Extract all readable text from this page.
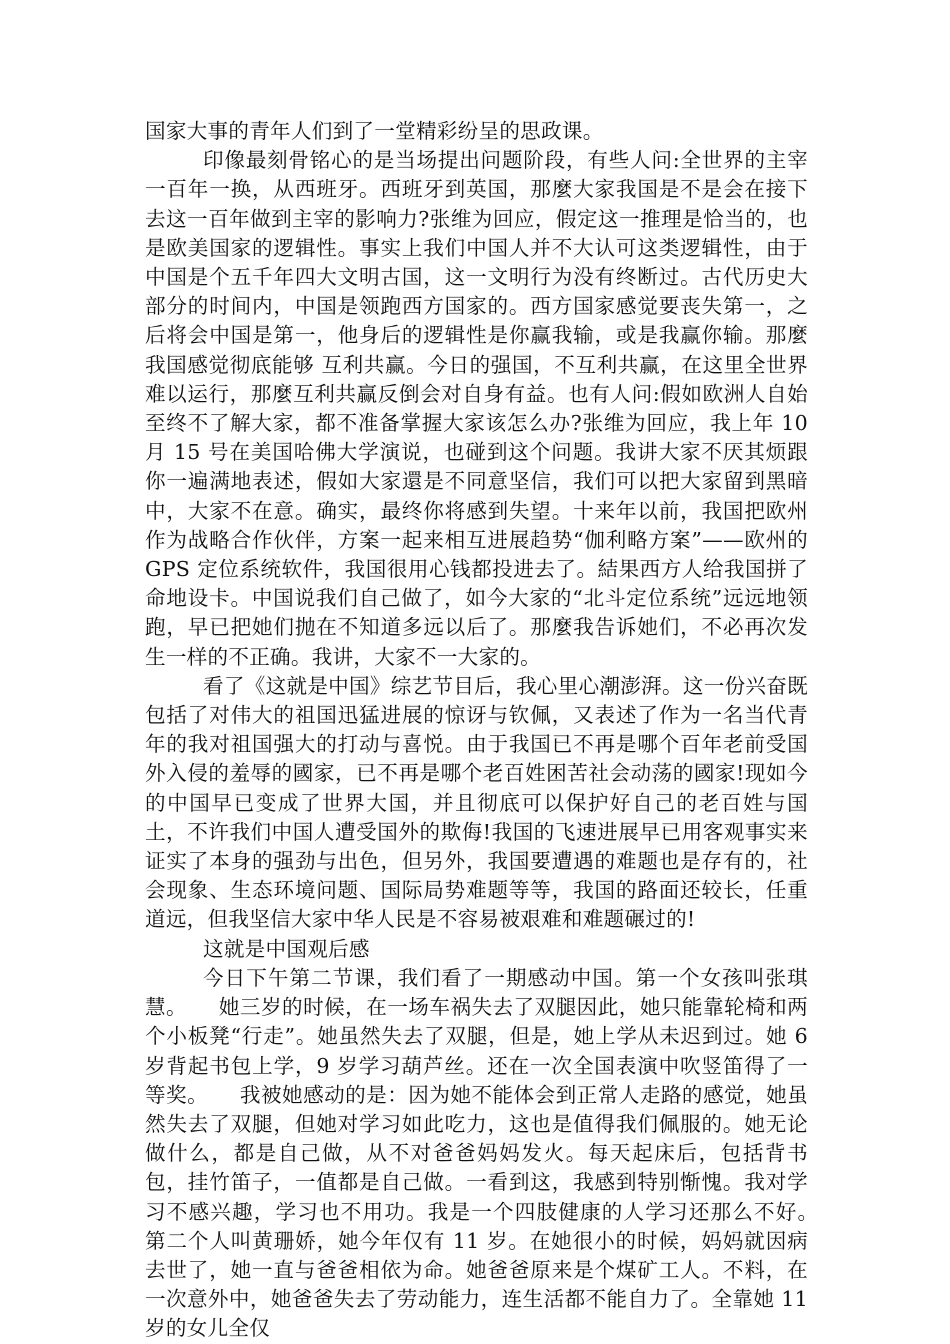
国家大事的青年人们到了一堂精彩纷呈的思政课。

印像最刻骨铭心的是当场提出问题阶段，有些人问:全世界的主宰一百年一换，从西班牙。西班牙到英国，那麼大家我国是不是会在接下去这一百年做到主宰的影响力?张维为回应，假定这一推理是恰当的，也是欧美国家的逻辑性。事实上我们中国人并不大认可这类逻辑性，由于中国是个五千年四大文明古国，这一文明行为没有终断过。古代历史大部分的时间内，中国是领跑西方国家的。西方国家感觉要丧失第一，之后将会中国是第一，他身后的逻辑性是你赢我输，或是我赢你输。那麼我国感觉彻底能够 互利共赢。今日的强国，不互利共赢，在这里全世界难以运行，那麼互利共赢反倒会对自身有益。也有人问:假如欧洲人自始至终不了解大家，都不准备掌握大家该怎么办?张维为回应，我上年 10 月 15 号在美国哈佛大学演说，也碰到这个问题。我讲大家不厌其烦跟你一遍满地表述，假如大家還是不同意坚信，我们可以把大家留到黑暗中，大家不在意。确实，最终你将感到失望。十来年以前，我国把欧州作为战略合作伙伴，方案一起来相互进展趋势“伽利略方案”——欧州的 GPS 定位系统软件，我国很用心钱都投进去了。結果西方人给我国拼了命地设卡。中国说我们自己做了，如今大家的“北斗定位系统”远远地领跑，早已把她们抛在不知道多远以后了。那麼我告诉她们，不必再次发生一样的不正确。我讲，大家不一大家的。

看了《这就是中国》综艺节目后，我心里心潮澎湃。这一份兴奋既包括了对伟大的祖国迅猛进展的惊讶与钦佩，又表述了作为一名当代青年的我对祖国强大的打动与喜悦。由于我国已不再是哪个百年老前受国外入侵的羞辱的國家，已不再是哪个老百姓困苦社会动荡的國家!现如今的中国早已变成了世界大国，并且彻底可以保护好自己的老百姓与国土，不许我们中国人遭受国外的欺侮!我国的飞速进展早已用客观事实来证实了本身的强劲与出色，但另外，我国要遭遇的难题也是存有的，社会现象、生态环境问题、国际局势难题等等，我国的路面还较长，任重道远，但我坚信大家中华人民是不容易被艰难和难题碾过的!

这就是中国观后感

今日下午第二节课，我们看了一期感动中国。第一个女孩叫张琪慧。　　她三岁的时候，在一场车祸失去了双腿因此，她只能靠轮椅和两个小板凳“行走”。她虽然失去了双腿，但是，她上学从未迟到过。她 6 岁背起书包上学，9 岁学习葫芦丝。还在一次全国表演中吹竖笛得了一等奖。　　我被她感动的是：因为她不能体会到正常人走路的感觉，她虽然失去了双腿，但她对学习如此吃力，这也是值得我们佩服的。她无论做什么，都是自己做，从不对爸爸妈妈发火。每天起床后，包括背书包，挂竹笛子，一值都是自己做。一看到这，我感到特别惭愧。我对学习不感兴趣，学习也不用功。我是一个四肢健康的人学习还那么不好。　第二个人叫黄珊娇，她今年仅有 11 岁。在她很小的时候，妈妈就因病去世了，她一直与爸爸相依为命。她爸爸原来是个煤矿工人。不料，在一次意外中，她爸爸失去了劳动能力，连生活都不能自力了。全靠她 11 岁的女儿全仅
